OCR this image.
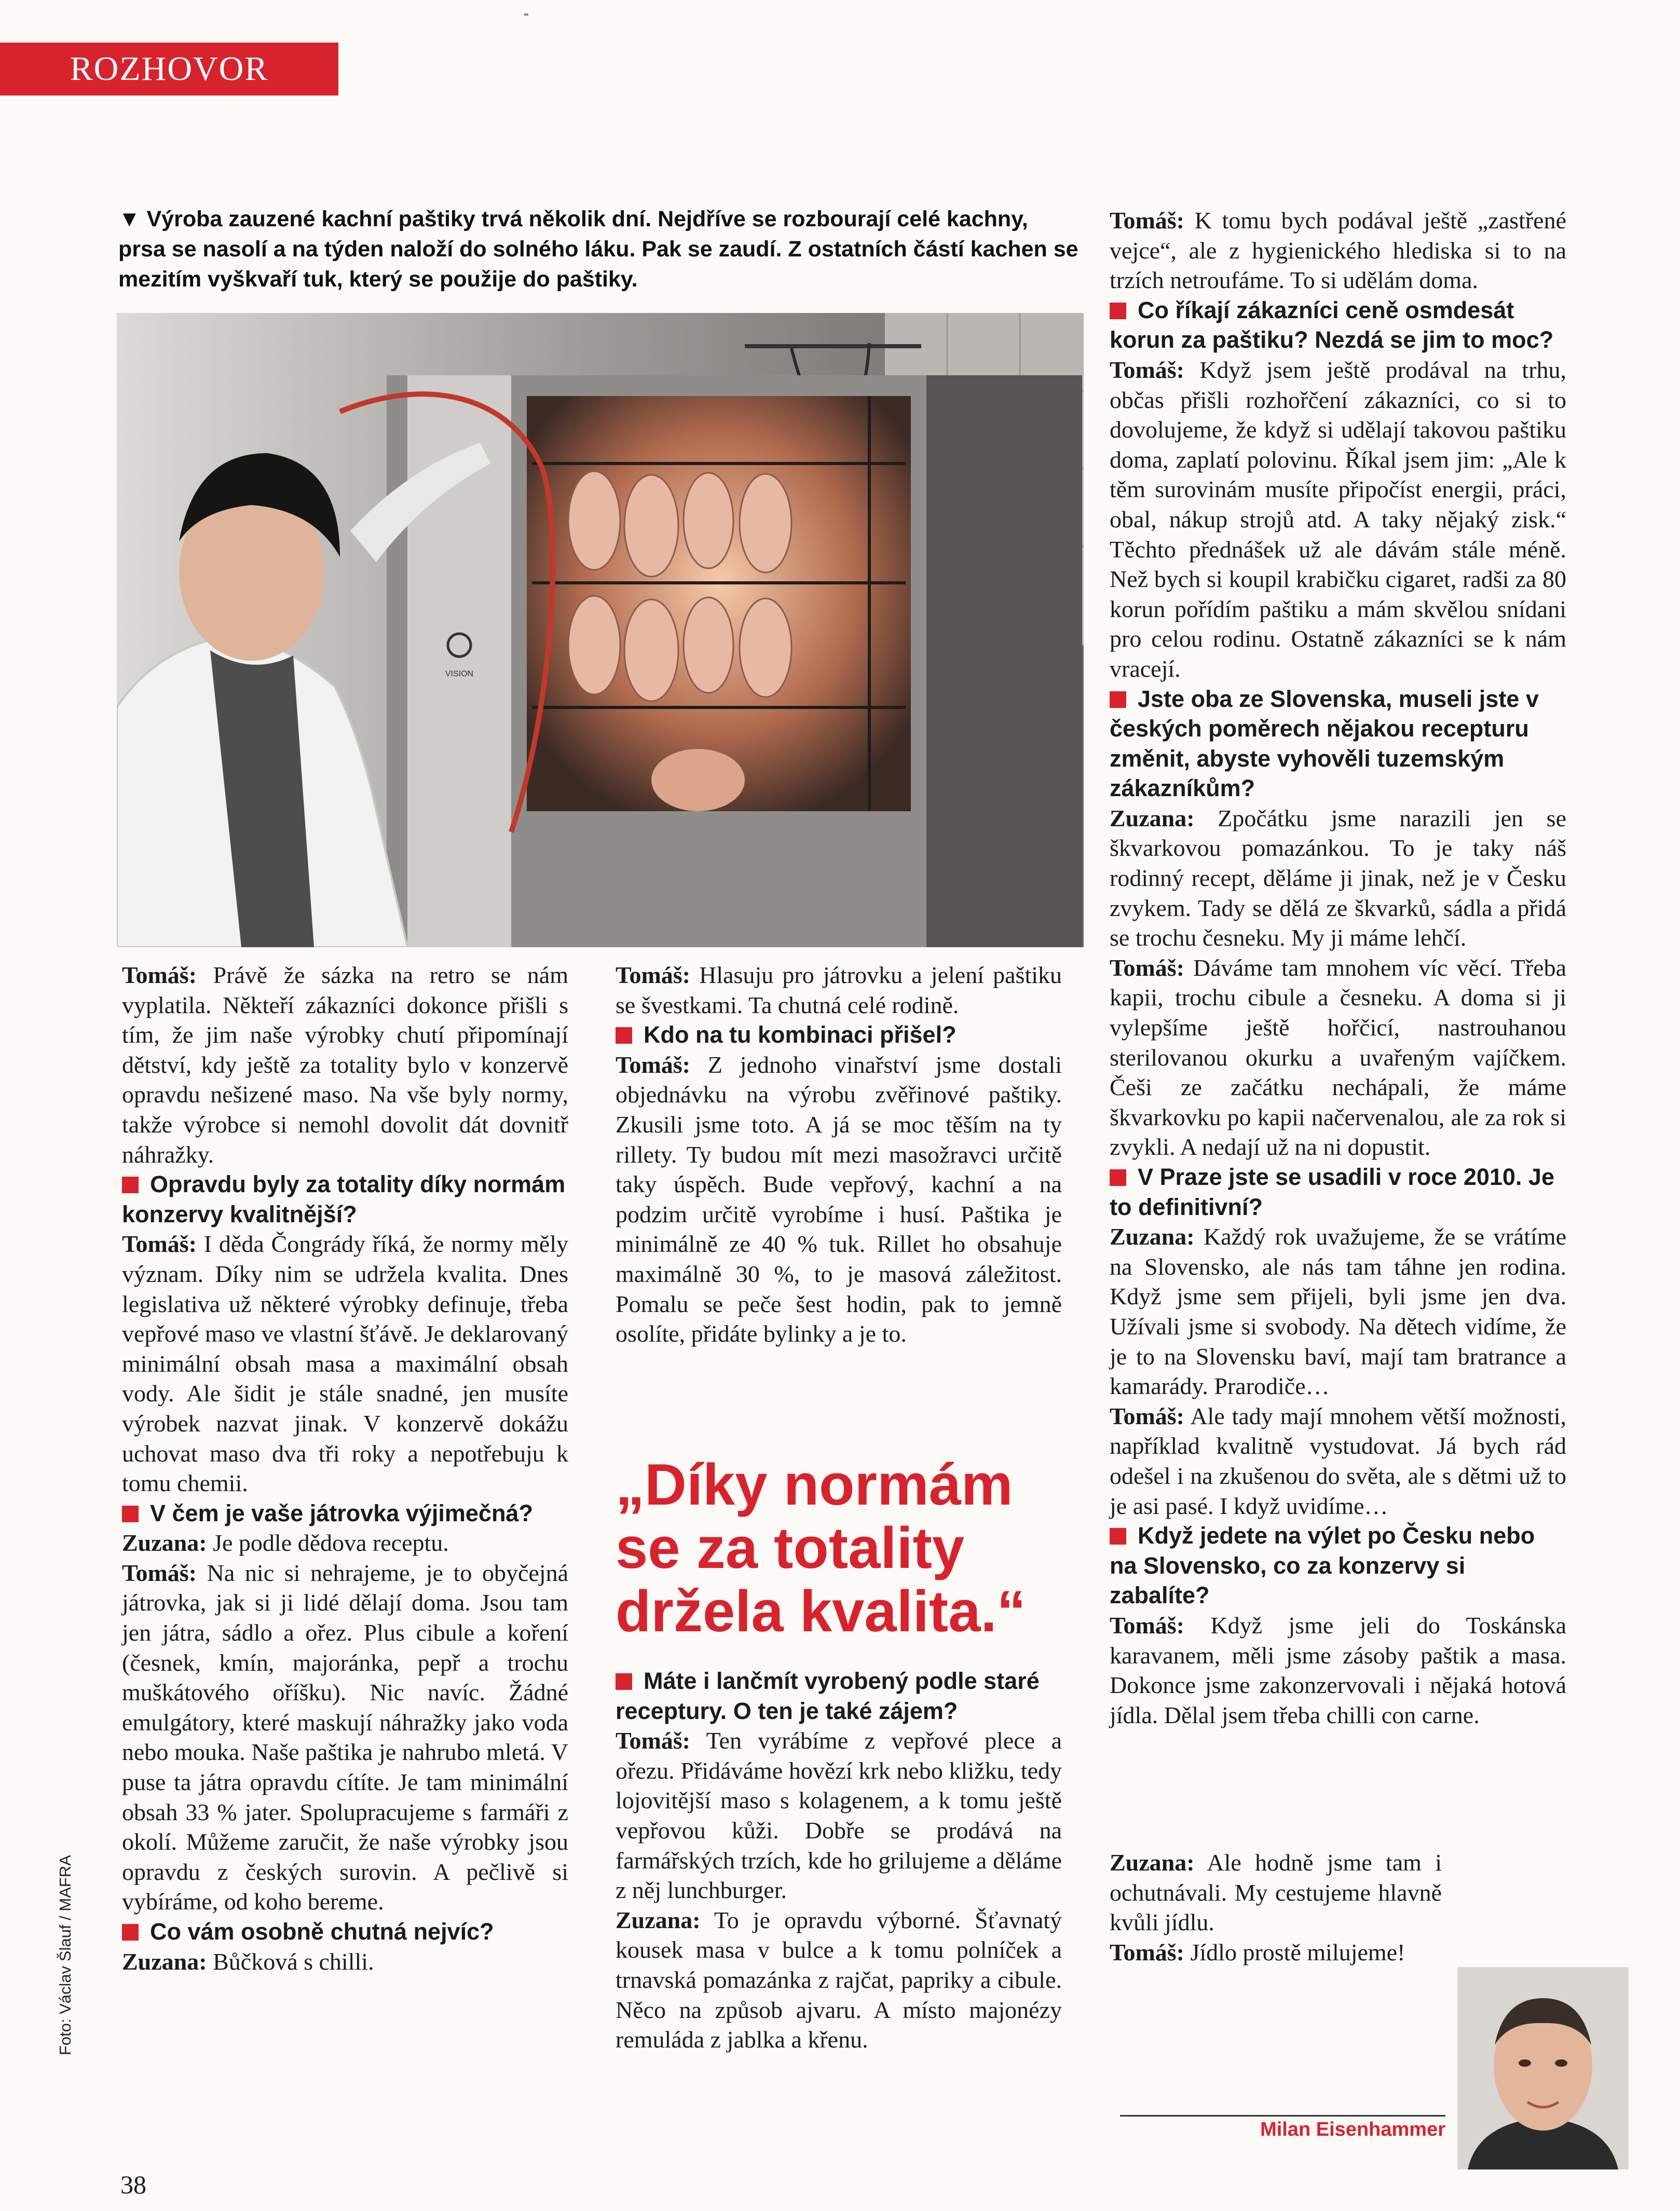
ROZHOVOR
▼ Výroba zauzené kachní paštiky trvá několik dní. Nejdříve se rozbourají celé kachny, prsa se nasolí a na týden naloží do solného láku. Pak se zaudí. Z ostatních částí kachen se mezitím vyškvaří tuk, který se použije do paštiky.
VISION

Tomáš: Právě že sázka na retro se nám vyplatila. Někteří zákazníci dokonce přišli s tím, že jim naše výrobky chutí připomínají dětství, kdy ještě za totality bylo v konzervě opravdu nešizené maso. Na vše byly normy, takže výrobce si nemohl dovolit dát dovnitř náhražky.

Opravdu byly za totality díky normám konzervy kvalitnější?

Tomáš: I děda Čongrády říká, že normy měly význam. Díky nim se udržela kvalita. Dnes legislativa už některé výrobky definuje, třeba vepřové maso ve vlastní šťávě. Je deklarovaný minimální obsah masa a maximální obsah vody. Ale šidit je stále snadné, jen musíte výrobek nazvat jinak. V konzervě dokážu uchovat maso dva tři roky a nepotřebuju k tomu chemii.

V čem je vaše játrovka výjimečná?

Zuzana: Je podle dědova receptu.

Tomáš: Na nic si nehrajeme, je to obyčejná játrovka, jak si ji lidé dělají doma. Jsou tam jen játra, sádlo a ořez. Plus cibule a koření (česnek, kmín, majoránka, pepř a trochu muškátového oříšku). Nic navíc. Žádné emulgátory, které maskují náhražky jako voda nebo mouka. Naše paštika je nahrubo mletá. V puse ta játra opravdu cítíte. Je tam minimální obsah 33 % jater. Spolupracujeme s farmáři z okolí. Můžeme zaručit, že naše výrobky jsou opravdu z českých surovin. A pečlivě si vybíráme, od koho bereme.

Co vám osobně chutná nejvíc?

Zuzana: Bůčková s chilli.

Tomáš: Hlasuju pro játrovku a jelení paštiku se švestkami. Ta chutná celé rodině.

Kdo na tu kombinaci přišel?

Tomáš: Z jednoho vinařství jsme dostali objednávku na výrobu zvěřinové paštiky. Zkusili jsme toto. A já se moc těším na ty rillety. Ty budou mít mezi masožravci určitě taky úspěch. Bude vepřový, kachní a na podzim určitě vyrobíme i husí. Paštika je minimálně ze 40 % tuk. Rillet ho obsahuje maximálně 30 %, to je masová záležitost. Pomalu se peče šest hodin, pak to jemně osolíte, přidáte bylinky a je to.

„Díky normám se za totality držela kvalita.“

Máte i lančmít vyrobený podle staré receptury. O ten je také zájem?

Tomáš: Ten vyrábíme z vepřové plece a ořezu. Přidáváme hovězí krk nebo kližku, tedy lojovitější maso s kolagenem, a k tomu ještě vepřovou kůži. Dobře se prodává na farmářských trzích, kde ho grilujeme a děláme z něj lunchburger.

Zuzana: To je opravdu výborné. Šťavnatý kousek masa v bulce a k tomu polníček a trnavská pomazánka z rajčat, papriky a cibule. Něco na způsob ajvaru. A místo majonézy remuláda z jablka a křenu.

Tomáš: K tomu bych podával ještě „zastřené vejce“, ale z hygienického hlediska si to na trzích netroufáme. To si udělám doma.

Co říkají zákazníci ceně osmdesát korun za paštiku? Nezdá se jim to moc?

Tomáš: Když jsem ještě prodával na trhu, občas přišli rozhořčení zákazníci, co si to dovolujeme, že když si udělají takovou paštiku doma, zaplatí polovinu. Říkal jsem jim: „Ale k těm surovinám musíte připočíst energii, práci, obal, nákup strojů atd. A taky nějaký zisk.“ Těchto přednášek už ale dávám stále méně. Než bych si koupil krabičku cigaret, radši za 80 korun pořídím paštiku a mám skvělou snídani pro celou rodinu. Ostatně zákazníci se k nám vracejí.

Jste oba ze Slovenska, museli jste v českých poměrech nějakou recepturu změnit, abyste vyhověli tuzemským zákazníkům?

Zuzana: Zpočátku jsme narazili jen se škvarkovou pomazánkou. To je taky náš rodinný recept, děláme ji jinak, než je v Česku zvykem. Tady se dělá ze škvarků, sádla a přidá se trochu česneku. My ji máme lehčí.

Tomáš: Dáváme tam mnohem víc věcí. Třeba kapii, trochu cibule a česneku. A doma si ji vylepšíme ještě hořčicí, nastrouhanou sterilovanou okurku a uvařeným vajíčkem. Češi ze začátku nechápali, že máme škvarkovku po kapii načervenalou, ale za rok si zvykli. A nedají už na ni dopustit.

V Praze jste se usadili v roce 2010. Je to definitivní?

Zuzana: Každý rok uvažujeme, že se vrátíme na Slovensko, ale nás tam táhne jen rodina. Když jsme sem přijeli, byli jsme jen dva. Užívali jsme si svobody. Na dětech vidíme, že je to na Slovensku baví, mají tam bratrance a kamarády. Prarodiče…

Tomáš: Ale tady mají mnohem větší možnosti, například kvalitně vystudovat. Já bych rád odešel i na zkušenou do světa, ale s dětmi už to je asi pasé. I když uvidíme…

Když jedete na výlet po Česku nebo na Slovensko, co za konzervy si zabalíte?

Tomáš: Když jsme jeli do Toskánska karavanem, měli jsme zásoby paštik a masa. Dokonce jsme zakonzervovali i nějaká hotová jídla. Dělal jsem třeba chilli con carne.

Zuzana: Ale hodně jsme tam i ochutnávali. My cestujeme hlavně kvůli jídlu.

Tomáš: Jídlo prostě milujeme!

Milan Eisenhammer
Foto: Václav Šlauf / MAFRA
38
